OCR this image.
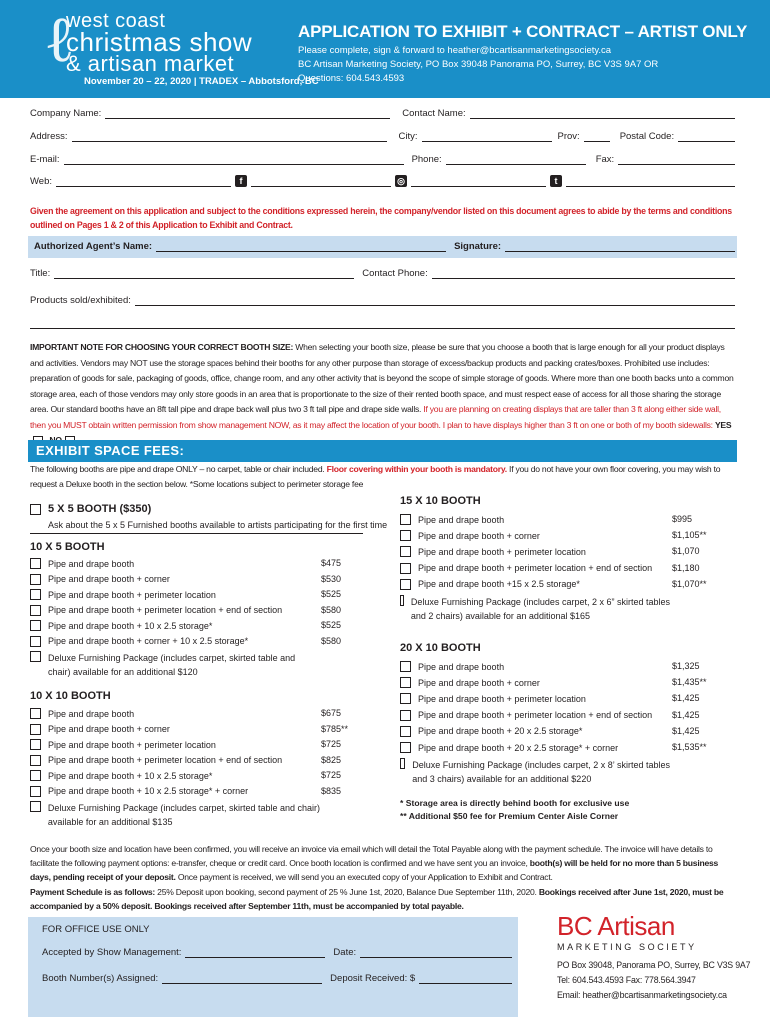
ℓ
west coast
christmas show
& artisan market
November 20 – 22, 2020 | TRADEX – Abbotsford, BC
APPLICATION TO EXHIBIT + CONTRACT – ARTIST ONLY
Please complete, sign & forward to heather@bcartisanmarketingsociety.ca
BC Artisan Marketing Society, PO Box 39048 Panorama PO, Surrey, BC V3S 9A7 OR
Questions: 604.543.4593
Company Name:	Contact Name:
Address:	City:	Prov:	Postal Code:
E-mail:	Phone:	Fax:
Web:	f	◎	t
Given the agreement on this application and subject to the conditions expressed herein, the company/vendor listed on this document agrees to abide by the terms and conditions outlined on Pages 1 & 2 of this Application to Exhibit and Contract.
Authorized Agent’s Name:	Signature:
Title:	Contact Phone:
Products sold/exhibited:
IMPORTANT NOTE FOR CHOOSING YOUR CORRECT BOOTH SIZE: When selecting your booth size, please be sure that you choose a booth that is large enough for all your product displays and activities. Vendors may NOT use the storage spaces behind their booths for any other purpose than storage of excess/backup products and packing crates/boxes. Prohibited use includes: preparation of goods for sale, packaging of goods, office, change room, and any other activity that is beyond the scope of simple storage of goods. Where more than one booth backs unto a common storage area, each of those vendors may only store goods in an area that is proportionate to the size of their rented booth space, and must respect ease of access for all those sharing the storage area. Our standard booths have an 8ft tall pipe and drape back wall plus two 3 ft tall pipe and drape side walls. If you are planning on creating displays that are taller than 3 ft along either side wall, then you MUST obtain written permission from show management NOW, as it may affect the location of your booth. I plan to have displays higher than 3 ft on one or both of my booth sidewalls: YES
EXHIBIT SPACE FEES:
The following booths are pipe and drape ONLY – no carpet, table or chair included. Floor covering within your booth is mandatory. If you do not have your own floor covering, you may wish to request a Deluxe booth in the section below. *Some locations subject to perimeter storage fee
5 X 5 BOOTH ($350)
Ask about the 5 x 5 Furnished booths available to artists participating for the first time
10 X 5 BOOTH
Pipe and drape booth	$475
Pipe and drape booth + corner	$530
Pipe and drape booth + perimeter location	$525
Pipe and drape booth + perimeter location + end of section	$580
Pipe and drape booth + 10 x 2.5 storage*	$525
Pipe and drape booth + corner + 10 x 2.5 storage*	$580
Deluxe Furnishing Package (includes carpet, skirted table and
chair) available for an additional $120
10 X 10 BOOTH
Pipe and drape booth	$675
Pipe and drape booth + corner	$785**
Pipe and drape booth + perimeter location	$725
Pipe and drape booth + perimeter location + end of section	$825
Pipe and drape booth + 10 x 2.5 storage*	$725
Pipe and drape booth + 10 x 2.5 storage* + corner	$835
Deluxe Furnishing Package (includes carpet, skirted table and chair)
available for an additional $135
15 X 10 BOOTH
Pipe and drape booth	$995
Pipe and drape booth + corner	$1,105**
Pipe and drape booth + perimeter location	$1,070
Pipe and drape booth + perimeter location + end of section	$1,180
Pipe and drape booth +15 x 2.5 storage*	$1,070**
Deluxe Furnishing Package (includes carpet, 2 x 6” skirted tables
and 2 chairs) available for an additional $165
20 X 10 BOOTH
Pipe and drape booth	$1,325
Pipe and drape booth + corner	$1,435**
Pipe and drape booth + perimeter location	$1,425
Pipe and drape booth + perimeter location + end of section	$1,425
Pipe and drape booth + 20 x 2.5 storage*	$1,425
Pipe and drape booth + 20 x 2.5 storage* + corner	$1,535**
Deluxe Furnishing Package (includes carpet, 2 x 8’ skirted tables
and 3 chairs) available for an additional $220
* Storage area is directly behind booth for exclusive use
** Additional $50 fee for Premium Center Aisle Corner
Once your booth size and location have been confirmed, you will receive an invoice via email which will detail the Total Payable along with the payment schedule. The invoice will have details to facilitate the following payment options: e-transfer, cheque or credit card. Once booth location is confirmed and we have sent you an invoice, booth(s) will be held for no more than 5 business days, pending receipt of your deposit. Once payment is received, we will send you an executed copy of your Application to Exhibit and Contract.
Payment Schedule is as follows: 25% Deposit upon booking, second payment of 25 % June 1st, 2020, Balance Due September 11th, 2020. Bookings received after June 1st, 2020, must be accompanied by a 50% deposit. Bookings received after September 11th, must be accompanied by total payable.
FOR OFFICE USE ONLY
Accepted by Show Management:	Date:
Booth Number(s) Assigned:	Deposit Received: $
BC Artisan
MARKETING SOCIETY
PO Box 39048, Panorama PO, Surrey, BC V3S 9A7
Tel: 604.543.4593 Fax: 778.564.3947
Email: heather@bcartisanmarketingsociety.ca
